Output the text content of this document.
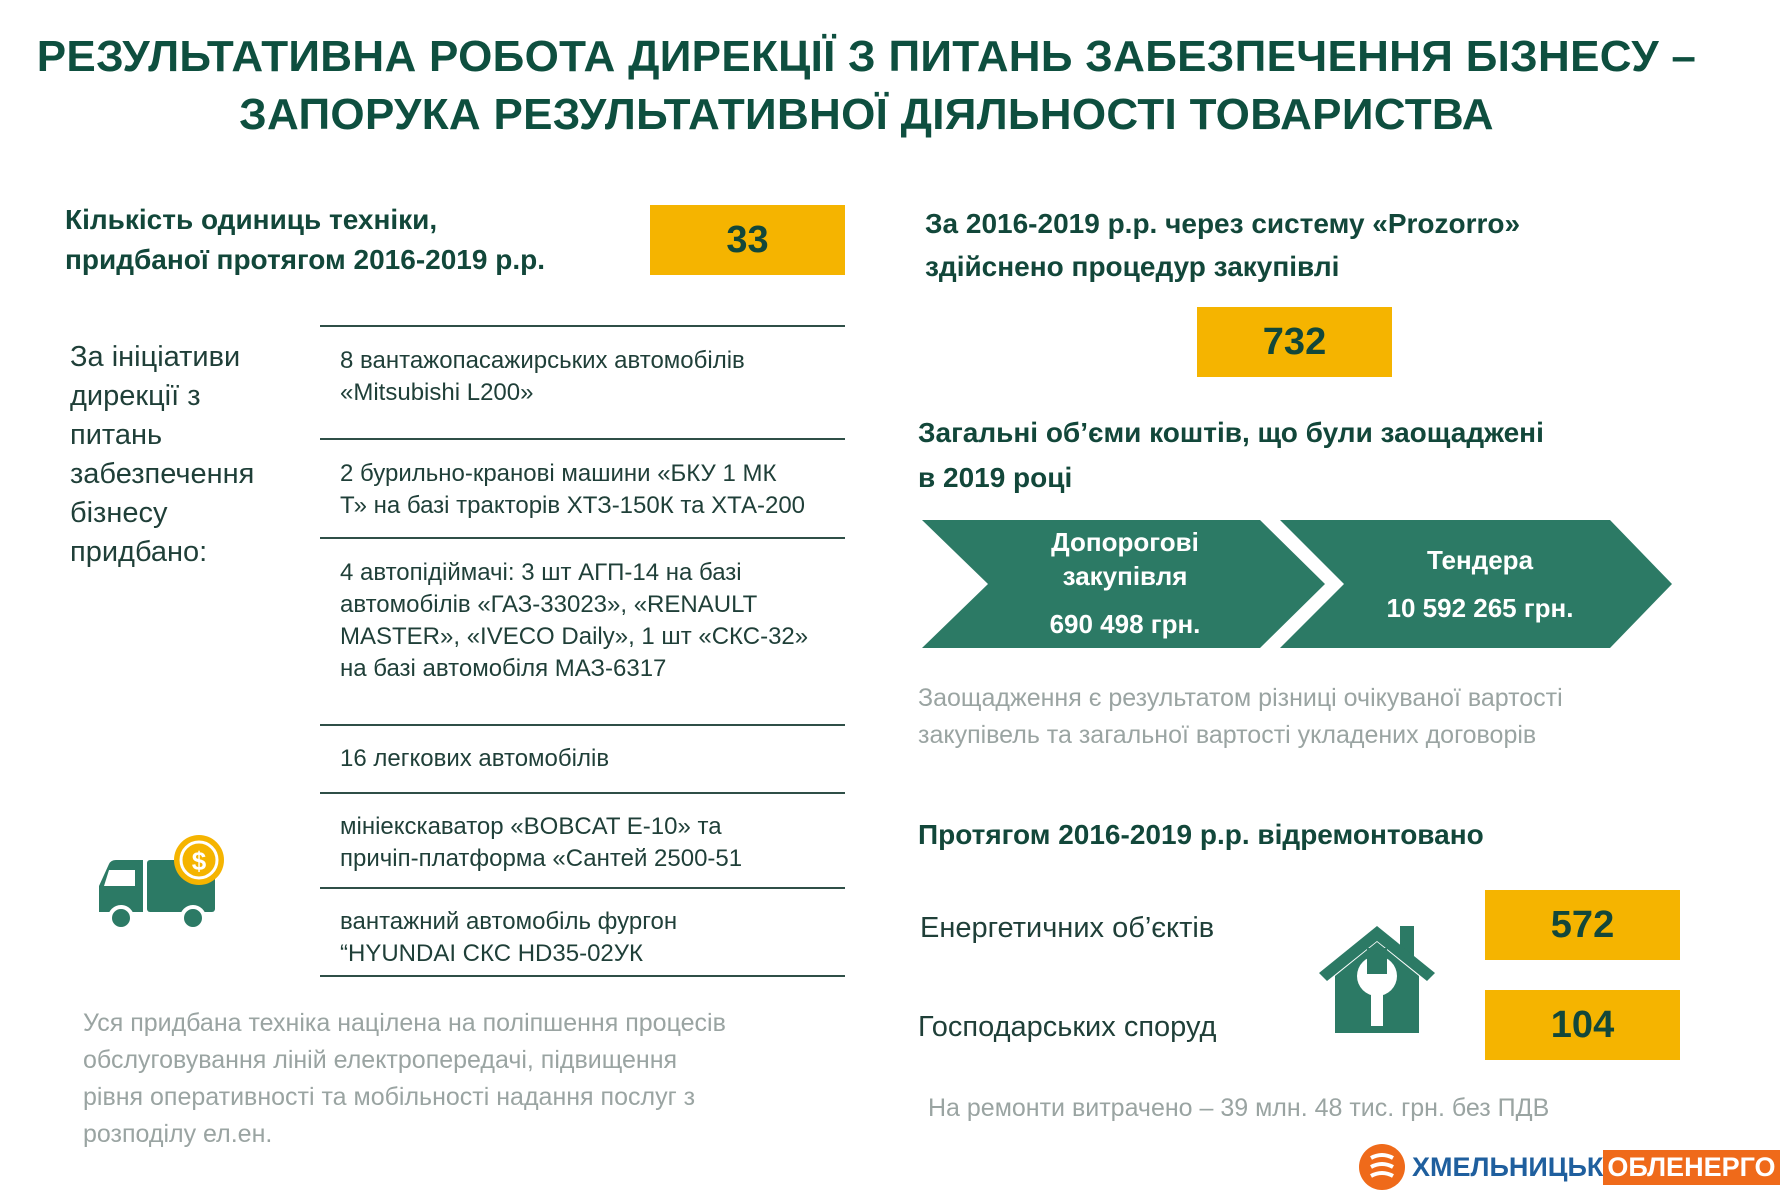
РЕЗУЛЬТАТИВНА РОБОТА ДИРЕКЦІЇ З ПИТАНЬ ЗАБЕЗПЕЧЕННЯ БІЗНЕСУ –
ЗАПОРУКА РЕЗУЛЬТАТИВНОЇ ДІЯЛЬНОСТІ ТОВАРИСТВА
Кількість одиниць техніки,
придбаної протягом 2016-2019 р.р.	33
За ініціативи
дирекції з
питань
забезпечення
бізнесу
придбано:
8 вантажопасажирських автомобілів
«Mitsubishi L200»
2 бурильно-кранові машини «БКУ 1 МК
Т» на базі тракторів ХТЗ-150К та ХТА-200
4 автопідіймачі: 3 шт АГП-14 на базі
автомобілів «ГАЗ-33023», «RENAULT
MASTER», «IVECO Daily», 1 шт «СКС-32»
на базі автомобіля МАЗ-6317
16 легкових автомобілів
мініекскаватор «BOBCAT E-10» та
причіп-платформа «Сантей 2500-51
вантажний автомобіль фургон
“HYUNDAI СКС HD35-02УК
$
Уся придбана техніка націлена на поліпшення процесів
обслуговування ліній електропередачі, підвищення
рівня оперативності та мобільності надання послуг з
розподілу ел.ен.
За 2016-2019 р.р. через систему «Prozorro»
здійснено процедур закупівлі
732
Загальні об’єми коштів, що були заощаджені
в 2019 році
Допорогові
закупівля
690 498 грн.
Тендера
10 592 265 грн.
Заощадження є результатом різниці очікуваної вартості
закупівель та загальної вартості укладених договорів
Протягом 2016-2019 р.р. відремонтовано
Енергетичних об’єктів	572
Господарських споруд	104
На ремонти витрачено – 39 млн. 48 тис. грн. без ПДВ
ХМЕЛЬНИЦЬК ОБЛЕНЕРГО
